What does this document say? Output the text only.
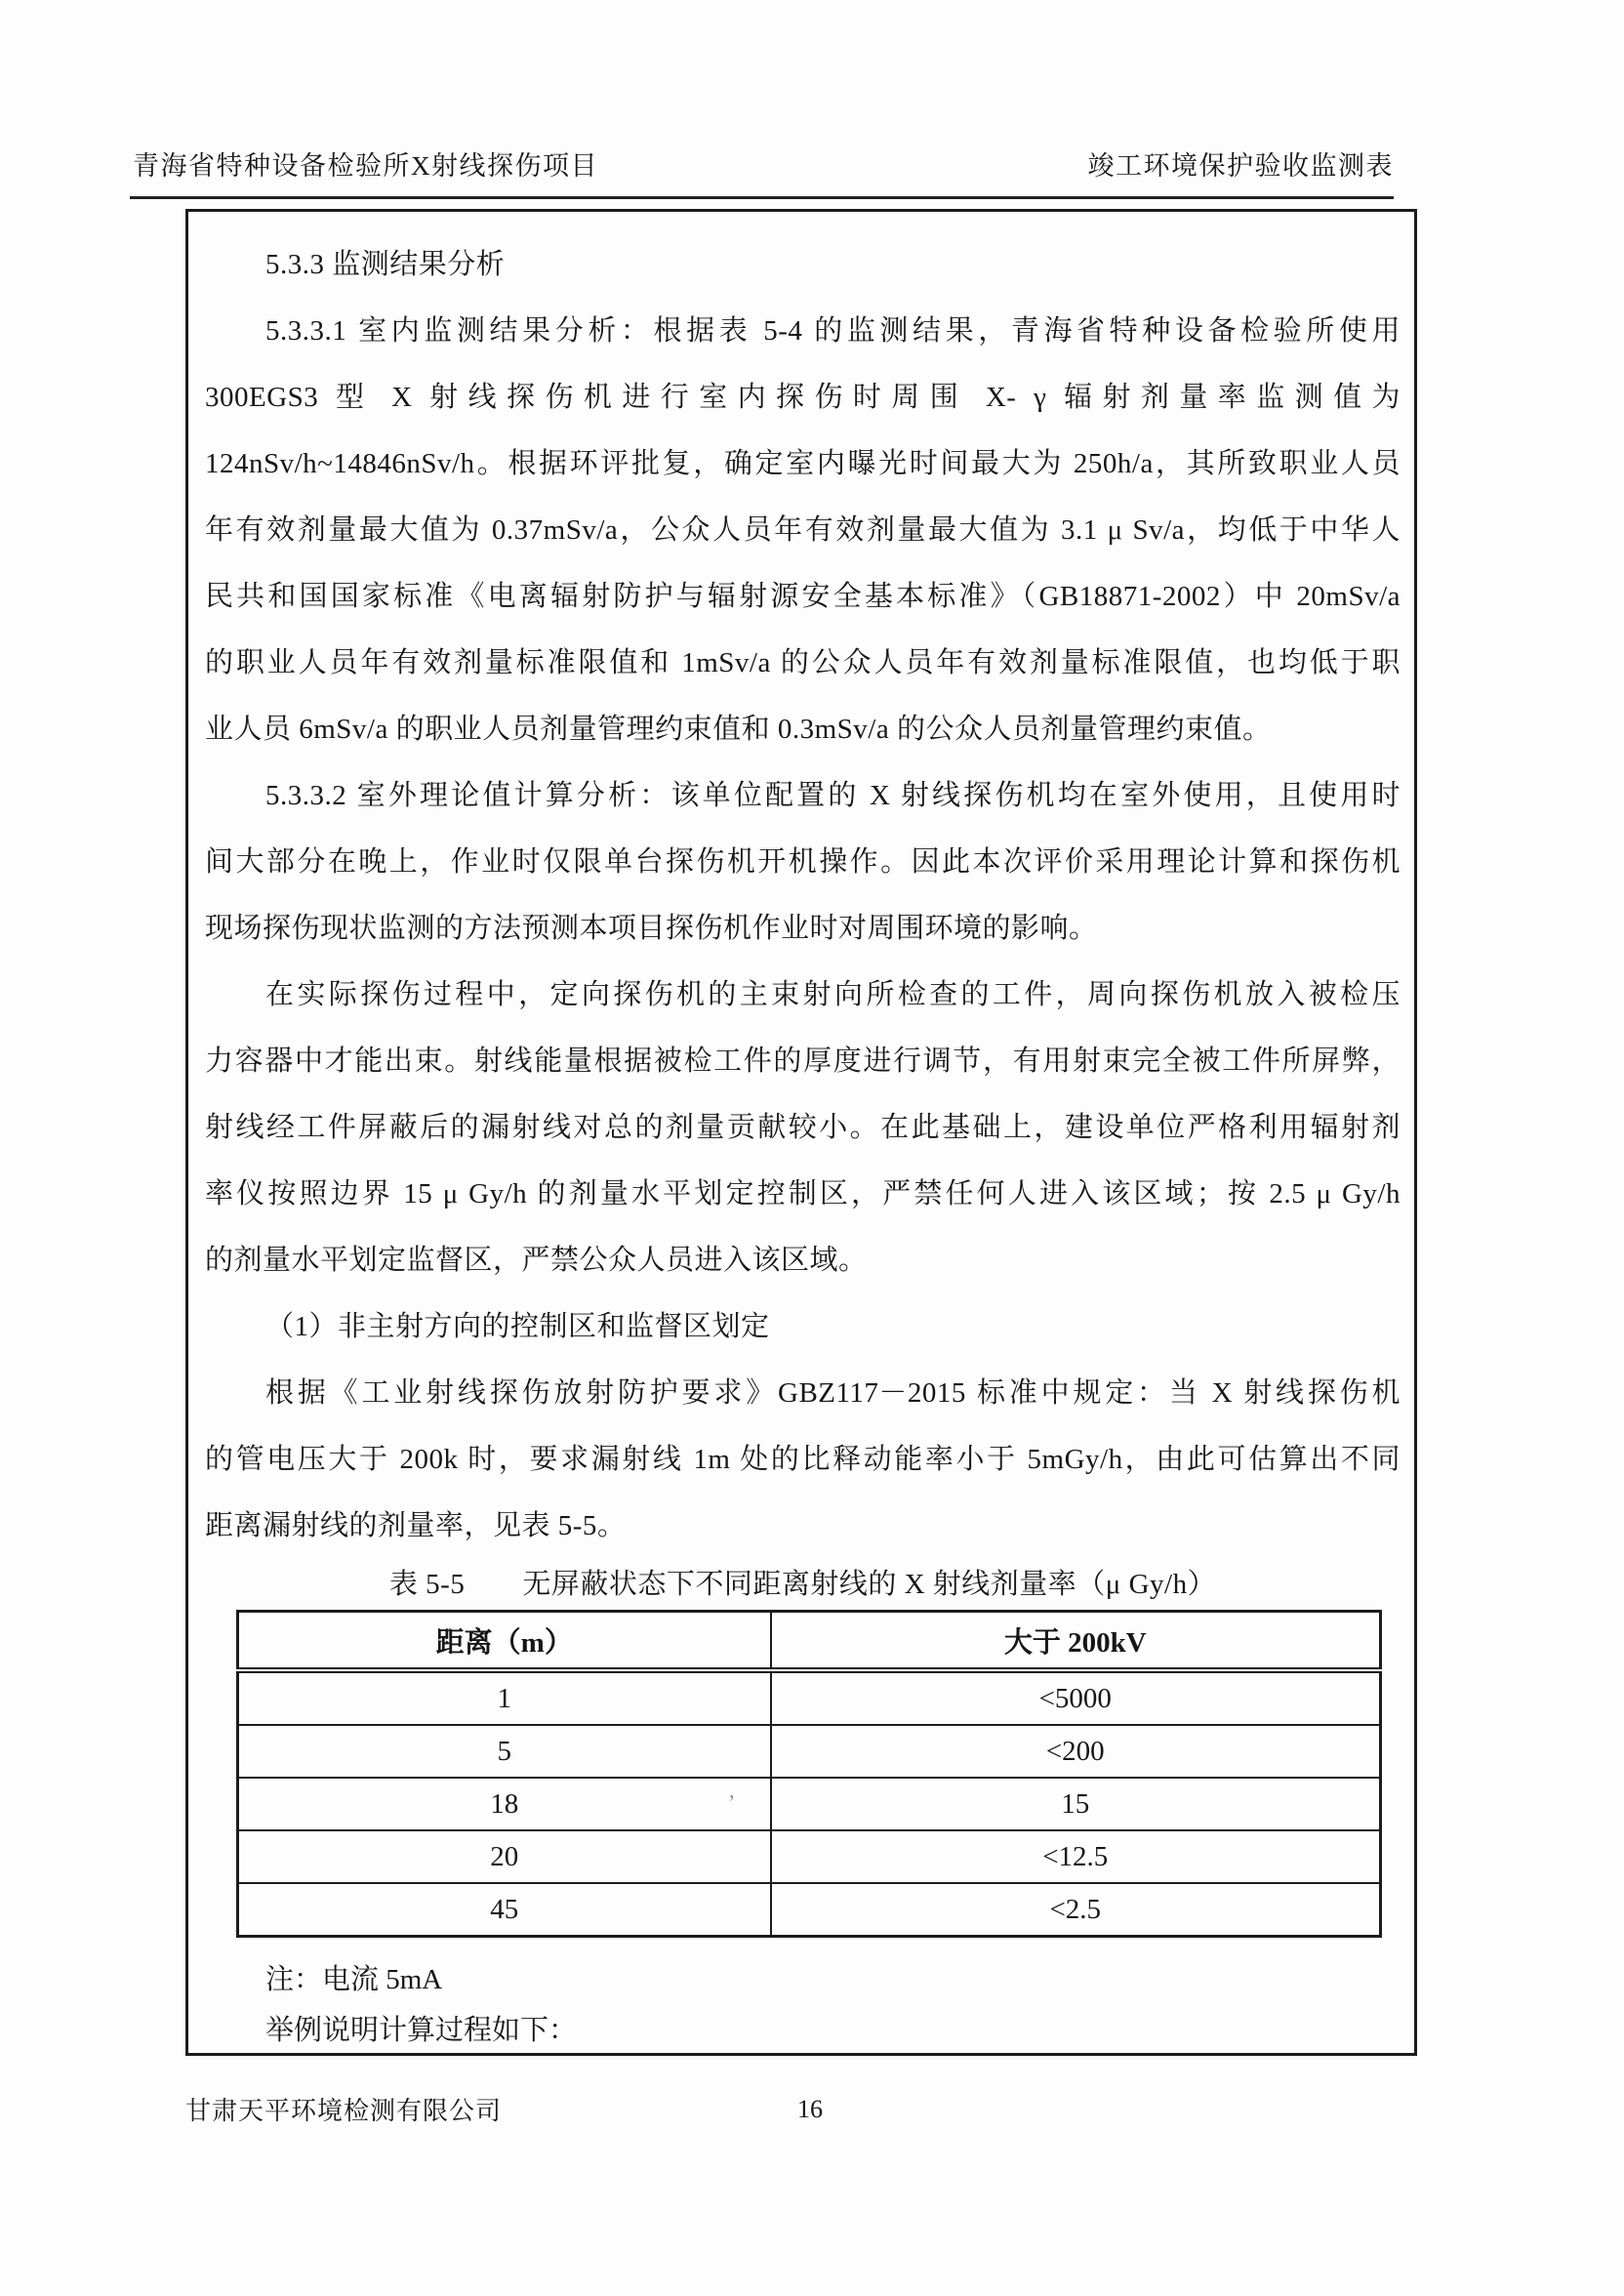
青海省特种设备检验所X射线探伤项目	竣工环境保护验收监测表
5.3.3 监测结果分析
5.3.3.1 室内监测结果分析：根据表 5-4 的监测结果，青海省特种设备检验所使用
300EGS3 型 X 射线探伤机进行室内探伤时周围 X- γ 辐射剂量率监测值为
124nSv/h~14846nSv/h。根据环评批复，确定室内曝光时间最大为 250h/a，其所致职业人员
年有效剂量最大值为 0.37mSv/a，公众人员年有效剂量最大值为 3.1 μ Sv/a，均低于中华人
民共和国国家标准《电离辐射防护与辐射源安全基本标准》（GB18871-2002）中 20mSv/a
的职业人员年有效剂量标准限值和 1mSv/a 的公众人员年有效剂量标准限值，也均低于职
业人员 6mSv/a 的职业人员剂量管理约束值和 0.3mSv/a 的公众人员剂量管理约束值。
5.3.3.2 室外理论值计算分析：该单位配置的 X 射线探伤机均在室外使用，且使用时
间大部分在晚上，作业时仅限单台探伤机开机操作。因此本次评价采用理论计算和探伤机
现场探伤现状监测的方法预测本项目探伤机作业时对周围环境的影响。
在实际探伤过程中，定向探伤机的主束射向所检查的工件，周向探伤机放入被检压
力容器中才能出束。射线能量根据被检工件的厚度进行调节，有用射束完全被工件所屏弊，
射线经工件屏蔽后的漏射线对总的剂量贡献较小。在此基础上，建设单位严格利用辐射剂
率仪按照边界 15 μ Gy/h 的剂量水平划定控制区，严禁任何人进入该区域；按 2.5 μ Gy/h
的剂量水平划定监督区，严禁公众人员进入该区域。
（1）非主射方向的控制区和监督区划定
根据《工业射线探伤放射防护要求》GBZ117－2015 标准中规定：当 X 射线探伤机
的管电压大于 200k 时，要求漏射线 1m 处的比释动能率小于 5mGy/h，由此可估算出不同
距离漏射线的剂量率，见表 5-5。
表 5-5　　无屏蔽状态下不同距离射线的 X 射线剂量率（μ Gy/h）
距离（m）	大于 200kV
1	<5000
5	<200
18	15
20	<12.5
45	<2.5
注：电流 5mA
举例说明计算过程如下：
ʼ
甘肃天平环境检测有限公司	16
